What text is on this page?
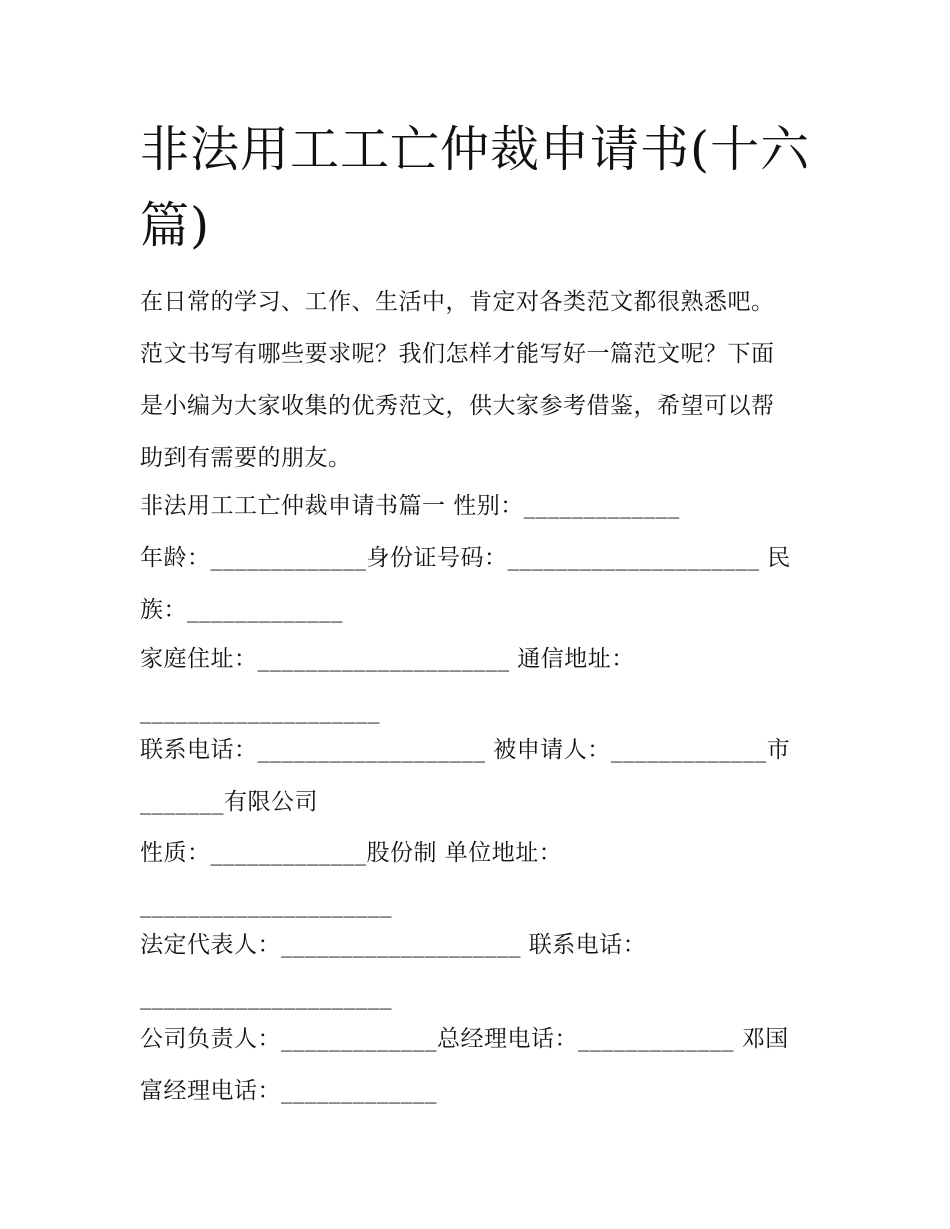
非法用工工亡仲裁申请书(十六
篇)
在日常的学习、工作、生活中，肯定对各类范文都很熟悉吧。
范文书写有哪些要求呢？我们怎样才能写好一篇范文呢？下面
是小编为大家收集的优秀范文，供大家参考借鉴，希望可以帮
助到有需要的朋友。
非法用工工亡仲裁申请书篇一 性别：_____________
年龄：_____________身份证号码：_____________________ 民
族：_____________
家庭住址：_____________________ 通信地址：
____________________
联系电话：___________________ 被申请人：_____________市
_______有限公司
性质：_____________股份制 单位地址：
_____________________
法定代表人：____________________ 联系电话：
_____________________
公司负责人：_____________总经理电话：_____________ 邓国
富经理电话：_____________
